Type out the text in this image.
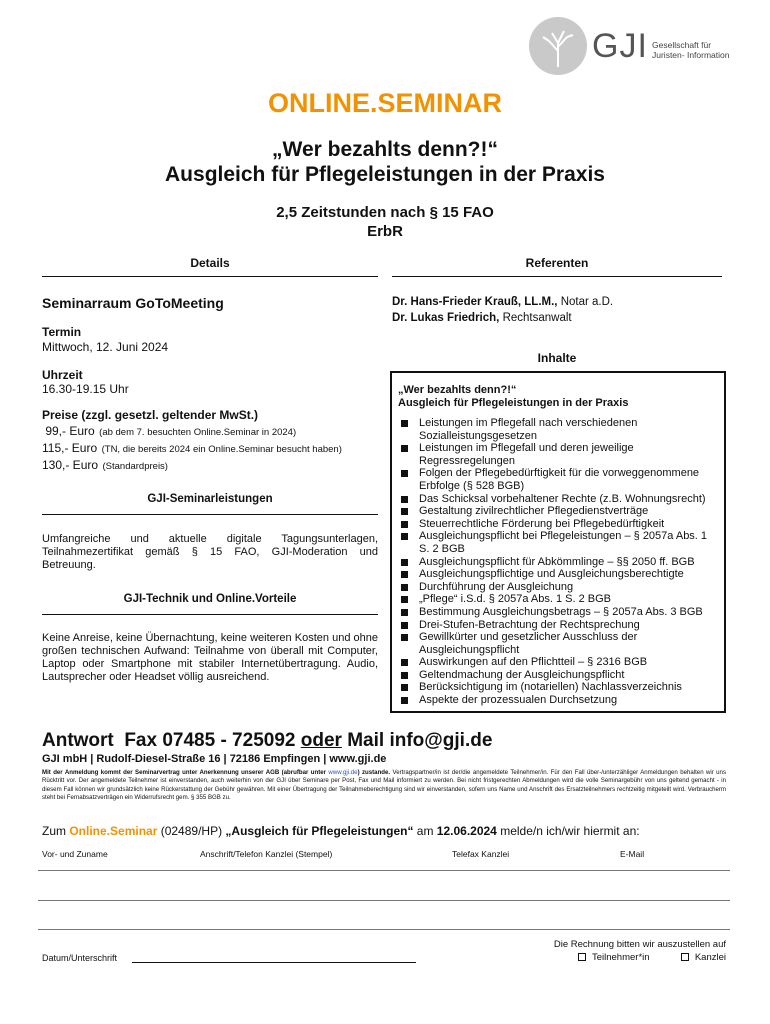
GJI Gesellschaft für
Juristen- Information
ONLINE.SEMINAR
„Wer bezahlts denn?!“
Ausgleich für Pflegeleistungen in der Praxis
2,5 Zeitstunden nach § 15 FAO
ErbR
Details	Referenten
Seminarraum GoToMeeting
Termin
Mittwoch, 12. Juni 2024
Uhrzeit
16.30-19.15 Uhr
Preise (zzgl. gesetzl. geltender MwSt.)
99,- Euro (ab dem 7. besuchten Online.Seminar in 2024)
115,- Euro (TN, die bereits 2024 ein Online.Seminar besucht haben)
130,- Euro (Standardpreis)
GJI-Seminarleistungen
Umfangreiche und aktuelle digitale Tagungsunterlagen, Teilnahmezertifikat gemäß § 15 FAO, GJI-Moderation und Betreuung.
GJI-Technik und Online.Vorteile
Keine Anreise, keine Übernachtung, keine weiteren Kosten und ohne großen technischen Aufwand: Teilnahme von überall mit Computer, Laptop oder Smartphone mit stabiler Internetübertragung. Audio, Lautsprecher oder Headset völlig ausreichend.
Dr. Hans-Frieder Krauß, LL.M., Notar a.D.
Dr. Lukas Friedrich, Rechtsanwalt
Inhalte
„Wer bezahlts denn?!“
Ausgleich für Pflegeleistungen in der Praxis
Leistungen im Pflegefall nach verschiedenen Sozialleistungsgesetzen
Leistungen im Pflegefall und deren jeweilige Regressregelungen
Folgen der Pflegebedürftigkeit für die vorweggenommene Erbfolge (§ 528 BGB)
Das Schicksal vorbehaltener Rechte (z.B. Wohnungsrecht)
Gestaltung zivilrechtlicher Pflegedienstverträge
Steuerrechtliche Förderung bei Pflegebedürftigkeit
Ausgleichungspflicht bei Pflegeleistungen – § 2057a Abs. 1 S. 2 BGB
Ausgleichungspflicht für Abkömmlinge – §§ 2050 ff. BGB
Ausgleichungspflichtige und Ausgleichungsberechtigte
Durchführung der Ausgleichung
„Pflege“ i.S.d. § 2057a Abs. 1 S. 2 BGB
Bestimmung Ausgleichungsbetrags – § 2057a Abs. 3 BGB
Drei-Stufen-Betrachtung der Rechtsprechung
Gewillkürter und gesetzlicher Ausschluss der Ausgleichungspflicht
Auswirkungen auf den Pflichtteil – § 2316 BGB
Geltendmachung der Ausgleichungspflicht
Berücksichtigung im (notariellen) Nachlassverzeichnis
Aspekte der prozessualen Durchsetzung
Antwort  Fax 07485 - 725092 oder Mail info@gji.de
GJI mbH | Rudolf-Diesel-Straße 16 | 72186 Empfingen | www.gji.de
Mit der Anmeldung kommt der Seminarvertrag unter Anerkennung unserer AGB (abrufbar unter www.gji.de) zustande. Vertragspartner/in ist der/die angemeldete Teilnehmer/in. Für den Fall über-/unterzähliger Anmeldungen behalten wir uns Rücktritt vor. Der angemeldete Teilnehmer ist einverstanden, auch weiterhin von der GJI über Seminare per Post, Fax und Mail informiert zu werden. Bei nicht fristgerechten Abmeldungen wird die volle Seminargebühr von uns geltend gemacht - in diesem Fall können wir grundsätzlich keine Rückerstattung der Gebühr gewähren. Mit einer Übertragung der Teilnahmeberechtigung sind wir einverstanden, sofern uns Name und Anschrift des Ersatzteilnehmers rechtzeitig mitgeteilt wird. Verbraucherm steht bei Fernabsatzverträgen ein Widerrufsrecht gem. § 355 BGB zu.
Zum Online.Seminar (02489/HP) „Ausgleich für Pflegeleistungen“ am 12.06.2024 melde/n ich/wir hiermit an:
Vor- und Zuname	Anschrift/Telefon Kanzlei (Stempel)	Telefax Kanzlei	E-Mail
Datum/Unterschrift
Die Rechnung bitten wir auszustellen auf
Teilnehmer*in	Kanzlei
